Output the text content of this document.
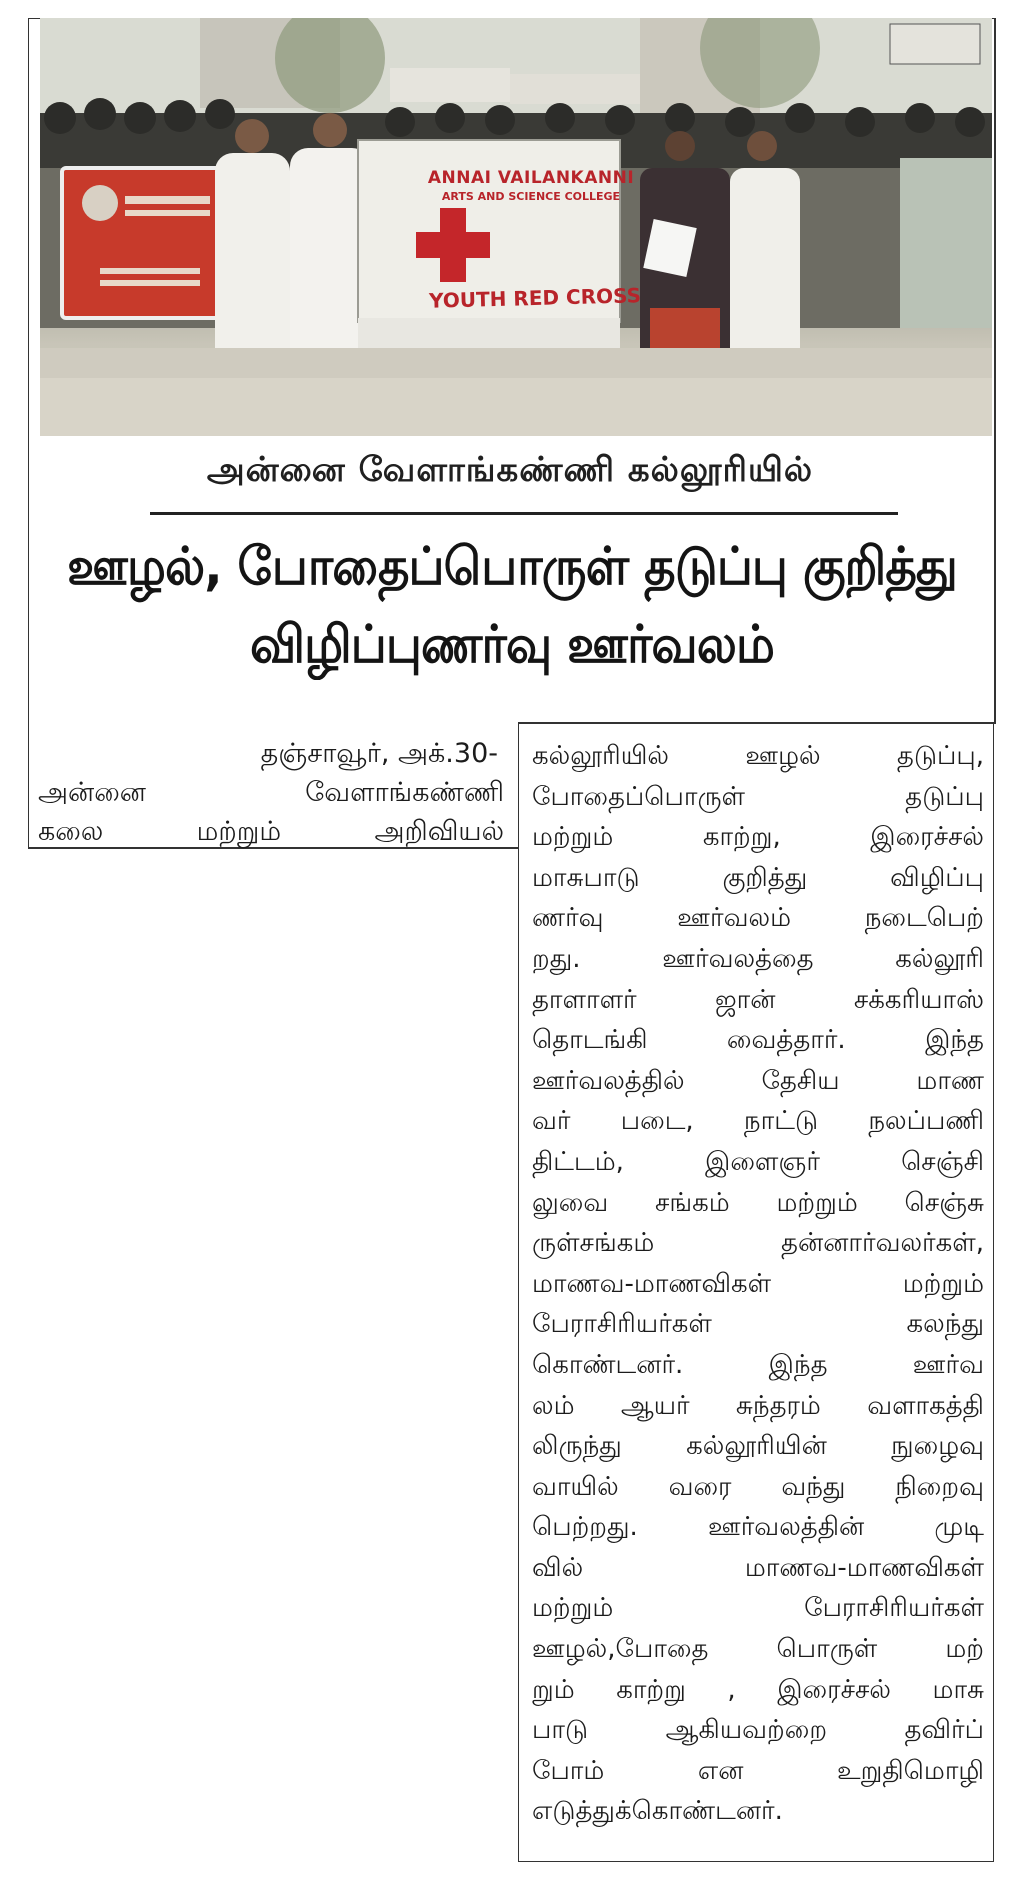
ANNAI VAILANKANNI
ARTS AND SCIENCE COLLEGE
YOUTH RED CROSS
அன்னை வேளாங்கண்ணி கல்லூரியில்
ஊழல், போதைப்பொருள் தடுப்பு குறித்து
விழிப்புணர்வு ஊர்வலம்
தஞ்சாவூர், அக்.30-
அன்னை வேளாங்கண்ணி
கலை மற்றும் அறிவியல்
கல்லூரியில் ஊழல் தடுப்பு,
போதைப்பொருள் தடுப்பு
மற்றும் காற்று, இரைச்சல்
மாசுபாடு குறித்து விழிப்பு
ணர்வு ஊர்வலம் நடைபெற்
றது. ஊர்வலத்தை கல்லூரி
தாளாளர் ஜான் சக்கரியாஸ்
தொடங்கி வைத்தார். இந்த
ஊர்வலத்தில் தேசிய மாண
வர் படை, நாட்டு நலப்பணி
திட்டம், இளைஞர் செஞ்சி
லுவை சங்கம் மற்றும் செஞ்சு
ருள்சங்கம் தன்னார்வலர்கள்,
மாணவ-மாணவிகள் மற்றும்
பேராசிரியர்கள் கலந்து
கொண்டனர். இந்த ஊர்வ
லம் ஆயர் சுந்தரம் வளாகத்தி
லிருந்து கல்லூரியின் நுழைவு
வாயில் வரை வந்து நிறைவு
பெற்றது. ஊர்வலத்தின் முடி
வில் மாணவ-மாணவிகள்
மற்றும் பேராசிரியர்கள்
ஊழல்,போதை பொருள் மற்
றும் காற்று , இரைச்சல் மாசு
பாடு ஆகியவற்றை தவிர்ப்
போம் என உறுதிமொழி
எடுத்துக்கொண்டனர்.
